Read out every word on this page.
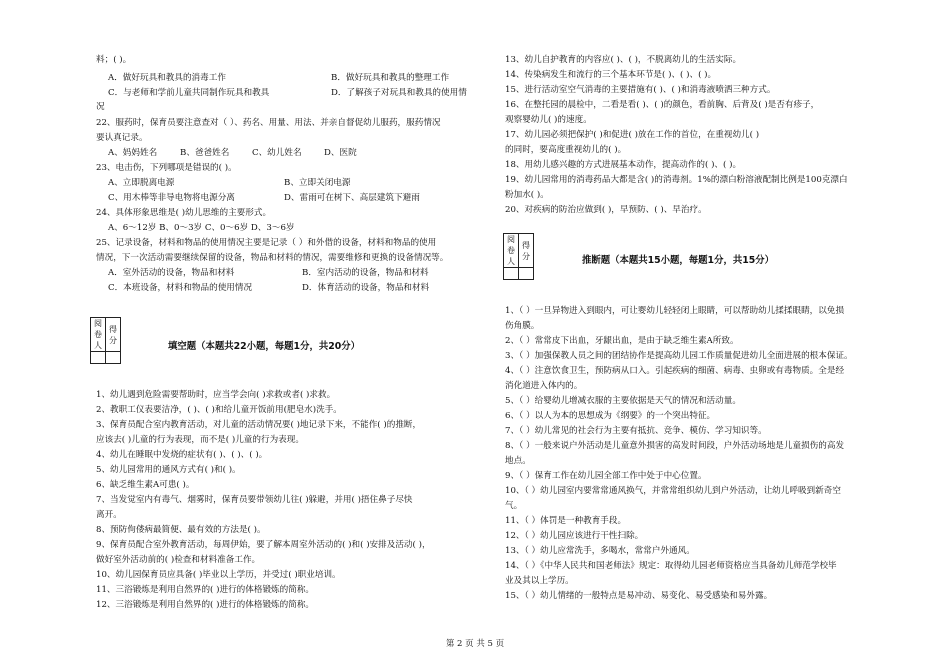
料；( )。
A．做好玩具和教具的消毒工作	B．做好玩具和教具的整理工作
C．与老师和学前儿童共同制作玩具和教具	D．了解孩子对玩具和教具的使用情
况
22、服药时，保育员要注意查对（ ）、药名、用量、用法、并亲自督促幼儿服药，服药情况
要认真记录。
A、妈妈姓名	B、爸爸姓名	C、幼儿姓名	D、医院
23、电击伤，下列哪项是错误的( )。
A、立即脱离电源	B、立即关闭电源
C、用木棒等非导电物将电源分离	D、雷雨可在树下、高层建筑下避雨
24、具体形象思维是( )幼儿思维的主要形式。
A、6～12岁 B、0～3岁 C、0～6岁 D、3～6岁
25、记录设备，材料和物品的使用情况主要是记录（ ）和外借的设备，材料和物品的使用
情况，下一次活动需要继续保留的设备，物品和材料的情况，需要维修和更换的设备情况等。
A．室外活动的设备，物品和材料	B．室内活动的设备，物品和材料
C．本班设备，材料和物品的使用情况	D．体育活动的设备，物品和材料
阅卷人	得分

填空题（本题共22小题，每题1分，共20分）
1、幼儿遇到危险需要帮助时，应当学会向( )求救或者( )求救。
2、教职工仪表要洁净，( )、( )和给儿童开饭前用(肥皂水)洗手。
3、保育员配合室内教育活动，对儿童的活动情况要( )地记录下来，不能作( )的推断，
应该去( )儿童的行为表现，而不是( )儿童的行为表现。
4、幼儿在睡眠中发烧的症状有( )、( )、( )。
5、幼儿园常用的通风方式有( )和( )。
6、缺乏维生素A可患( )。
7、当发觉室内有毒气、烟雾时，保育员要带领幼儿往( )躲避，并用( )捂住鼻子尽快
离开。
8、预防佝偻病最简便、最有效的方法是( )。
9、保育员配合室外教育活动，每周伊始，要了解本周室外活动的( )和( )安排及活动( )，
做好室外活动前的( )检查和材料准备工作。
10、幼儿园保育员应具备( )毕业以上学历，并受过( )职业培训。
11、三浴锻炼是利用自然界的( )进行的体格锻炼的简称。
12、三浴锻炼是利用自然界的( )进行的体格锻炼的简称。
13、幼儿自护教育的内容应( )、( )，不脱离幼儿的生活实际。
14、传染病发生和流行的三个基本环节是( )、( )、( )。
15、进行活动室空气消毒的主要措施有( )、( )和消毒液喷洒三种方式。
16、在整托园的晨检中，二看是看( )、( )的颜色，看前胸、后背及( )是否有疹子，
观察婴幼儿( )的速度。
17、幼儿园必须把保护( )和促进( )放在工作的首位，在重视幼儿( )
的同时，要高度重视幼儿的( )。
18、用幼儿感兴趣的方式进展基本动作，提高动作的( )、( )。
19、幼儿园常用的消毒药品大都是含( )的消毒剂。1%的漂白粉溶液配制比例是100克漂白
粉加水( )。
20、对疾病的防治应做到( )，早预防、( )、早治疗。
阅卷人	得分
		推断题（本题共15小题，每题1分，共15分）
1、（ ）一旦异物进入到眼内，可让婴幼儿轻轻闭上眼睛，可以帮助幼儿揉揉眼睛，以免损
伤角膜。
2、（ ）常常皮下出血，牙龈出血，是由于缺乏维生素A所致。
3、（ ）加强保教人员之间的团结协作是提高幼儿园工作质量促进幼儿全面进展的根本保证。
4、（ ）注意饮食卫生，预防病从口入。引起疾病的细菌、病毒、虫卵或有毒物质。全是经
消化道进入体内的。
5、（ ）给婴幼儿增减衣服的主要依据是天气的情况和活动量。
6、（ ）以人为本的思想成为《纲要》的一个突出特征。
7、（ ）幼儿常见的社会行为主要有抵抗、竞争、模仿、学习知识等。
8、（ ）一般来说户外活动是儿童意外损害的高发时间段，户外活动场地是儿童损伤的高发
地点。
9、（ ）保育工作在幼儿园全部工作中处于中心位置。
10、（ ）幼儿园室内要常常通风换气，并常常组织幼儿到户外活动，让幼儿呼吸到新奇空
气。
11、（ ）体罚是一种教育手段。
12、（ ）幼儿园应该进行干性扫除。
13、（ ）幼儿应常洗手，多喝水，常常户外通风。
14、（ ）《中华人民共和国老师法》规定：取得幼儿园老师资格应当具备幼儿师范学校毕
业及其以上学历。
15、（ ）幼儿情绪的一般特点是易冲动、易变化、易受感染和易外露。
第 2 页 共 5 页
